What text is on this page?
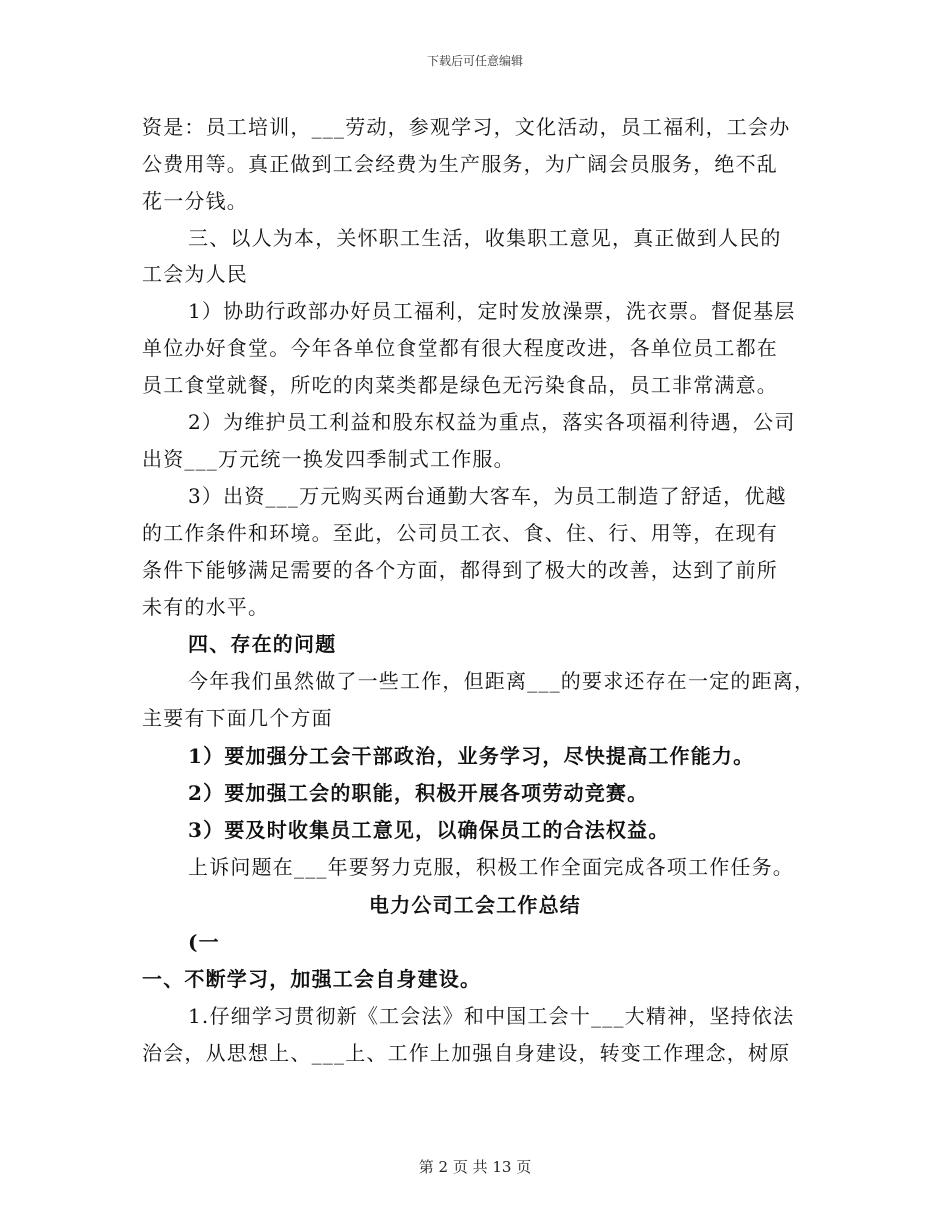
下载后可任意编辑
资是：员工培训，___劳动，参观学习，文化活动，员工福利，工会办
公费用等。真正做到工会经费为生产服务，为广阔会员服务，绝不乱
花一分钱。
三、以人为本，关怀职工生活，收集职工意见，真正做到人民的
工会为人民
1）协助行政部办好员工福利，定时发放澡票，洗衣票。督促基层
单位办好食堂。今年各单位食堂都有很大程度改进，各单位员工都在
员工食堂就餐，所吃的肉菜类都是绿色无污染食品，员工非常满意。
2）为维护员工利益和股东权益为重点，落实各项福利待遇，公司
出资___万元统一换发四季制式工作服。
3）出资___万元购买两台通勤大客车，为员工制造了舒适，优越
的工作条件和环境。至此，公司员工衣、食、住、行、用等，在现有
条件下能够满足需要的各个方面，都得到了极大的改善，达到了前所
未有的水平。
四、存在的问题
今年我们虽然做了一些工作，但距离___的要求还存在一定的距离，
主要有下面几个方面
1）要加强分工会干部政治，业务学习，尽快提高工作能力。
2）要加强工会的职能，积极开展各项劳动竞赛。
3）要及时收集员工意见，以确保员工的合法权益。
上诉问题在___年要努力克服，积极工作全面完成各项工作任务。
电力公司工会工作总结
(一
一、不断学习，加强工会自身建设。
1.仔细学习贯彻新《工会法》和中国工会十___大精神，坚持依法
治会，从思想上、___上、工作上加强自身建设，转变工作理念，树原
第 2 页 共 13 页
